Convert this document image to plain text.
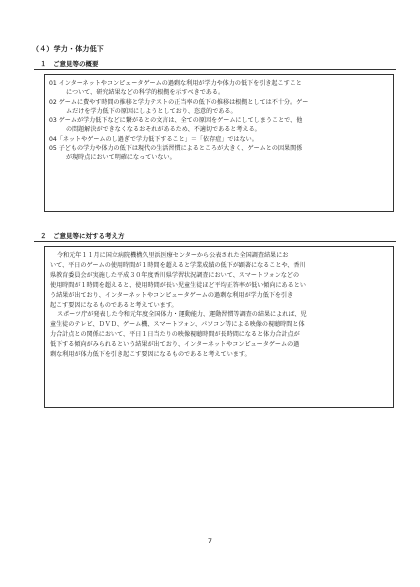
（４）学力・体力低下
１　ご意見等の概要

01 インターネットやコンピュータゲームの過剰な利用が学力や体力の低下を引き起こすこと
について、研究結果などの科学的根拠を示すべきである。

02 ゲームに費やす時間の推移と学力テストの正当率の低下の推移は根拠としては不十分。ゲー
ムだけを学力低下の原因にしようとしており、恣意的である。

03 ゲームが学力低下などに繋がるとの文言は、全ての原因をゲームにしてしまうことで、他
の問題解決ができなくなるおそれがあるため、不適切であると考える。

04「ネットやゲームのし過ぎで学力低下すること」＝「依存症」ではない。

05 子どもの学力や体力の低下は現代の生活習慣によるところが大きく、ゲームとの因果関係
が現時点において明確になっていない。

２　ご意見等に対する考え方
令和元年１１月に国立病院機構久里浜医療センターから公表された全国調査結果にお
いて、平日のゲームの使用時間が１時間を超えると学業成績の低下が顕著になることや、香川
県教育委員会が実施した平成３０年度香川県学習状況調査において、スマートフォンなどの
使用時間が１時間を超えると、使用時間が長い児童生徒ほど平均正答率が低い傾向にあるとい
う結果が出ており、インターネットやコンピュータゲームの過剰な利用が学力低下を引き
起こす要因になるものであると考えています。
スポーツ庁が発表した令和元年度全国体力・運動能力、運動習慣等調査の結果によれば、児
童生徒のテレビ、ＤＶＤ、ゲーム機、スマートフォン、パソコン等による映像の視聴時間と体
力合計点との関係において、平日１日当たりの映像視聴時間が長時間になると体力合計点が
低下する傾向がみられるという結果が出ており、インターネットやコンピュータゲームの過
剰な利用が体力低下を引き起こす要因になるものであると考えています。
7
